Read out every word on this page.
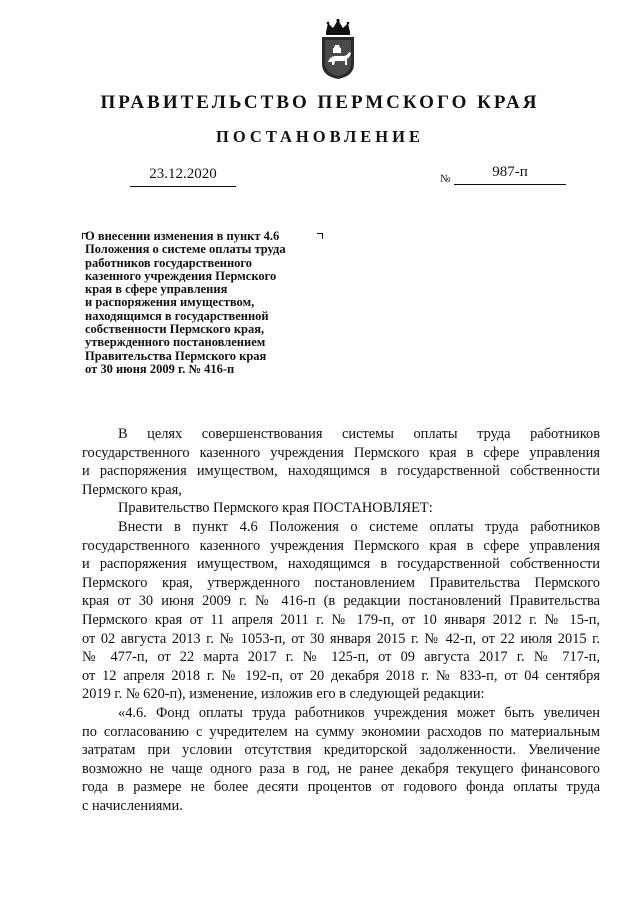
ПРАВИТЕЛЬСТВО ПЕРМСКОГО КРАЯ
ПОСТАНОВЛЕНИЕ
23.12.2020	№	987-п
О внесении изменения в пункт 4.6
Положения о системе оплаты труда
работников государственного
казенного учреждения Пермского
края в сфере управления
и распоряжения имуществом,
находящимся в государственной
собственности Пермского края,
утвержденного постановлением
Правительства Пермского края
от 30 июня 2009 г. № 416-п
В целях совершенствования системы оплаты труда работников
государственного казенного учреждения Пермского края в сфере управления
и распоряжения имуществом, находящимся в государственной собственности
Пермского края,
Правительство Пермского края ПОСТАНОВЛЯЕТ:
Внести в пункт 4.6 Положения о системе оплаты труда работников
государственного казенного учреждения Пермского края в сфере управления
и распоряжения имуществом, находящимся в государственной собственности
Пермского края, утвержденного постановлением Правительства Пермского
края от 30 июня 2009 г. № 416-п (в редакции постановлений Правительства
Пермского края от 11 апреля 2011 г. № 179-п, от 10 января 2012 г. № 15-п,
от 02 августа 2013 г. № 1053-п, от 30 января 2015 г. № 42-п, от 22 июля 2015 г.
№ 477-п, от 22 марта 2017 г. № 125-п, от 09 августа 2017 г. № 717-п,
от 12 апреля 2018 г. № 192-п, от 20 декабря 2018 г. № 833-п, от 04 сентября
2019 г. № 620-п), изменение, изложив его в следующей редакции:
«4.6. Фонд оплаты труда работников учреждения может быть увеличен
по согласованию с учредителем на сумму экономии расходов по материальным
затратам при условии отсутствия кредиторской задолженности. Увеличение
возможно не чаще одного раза в год, не ранее декабря текущего финансового
года в размере не более десяти процентов от годового фонда оплаты труда
с начислениями.
